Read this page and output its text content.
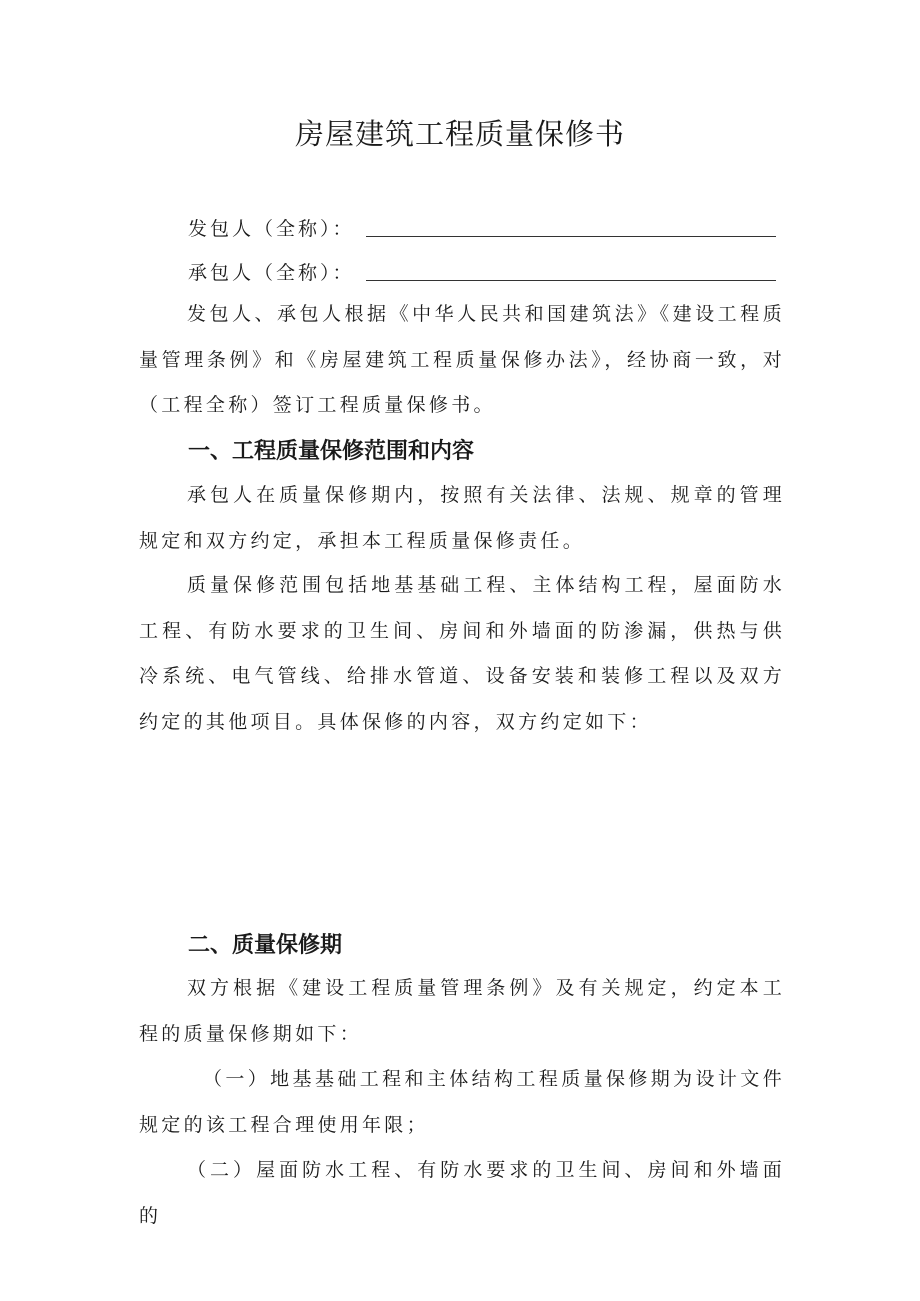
房屋建筑工程质量保修书
发包人（全称）：
承包人（全称）：

发包人、承包人根据《中华人民共和国建筑法》《建设工程质量管理条例》和《房屋建筑工程质量保修办法》，经协商一致，对（工程全称）签订工程质量保修书。

一、工程质量保修范围和内容

承包人在质量保修期内，按照有关法律、法规、规章的管理规定和双方约定，承担本工程质量保修责任。

质量保修范围包括地基基础工程、主体结构工程，屋面防水工程、有防水要求的卫生间、房间和外墙面的防渗漏，供热与供冷系统、电气管线、给排水管道、设备安装和装修工程以及双方约定的其他项目。具体保修的内容，双方约定如下：

二、质量保修期

双方根据《建设工程质量管理条例》及有关规定，约定本工程的质量保修期如下：

（一）地基基础工程和主体结构工程质量保修期为设计文件规定的该工程合理使用年限；

（二）屋面防水工程、有防水要求的卫生间、房间和外墙面的
